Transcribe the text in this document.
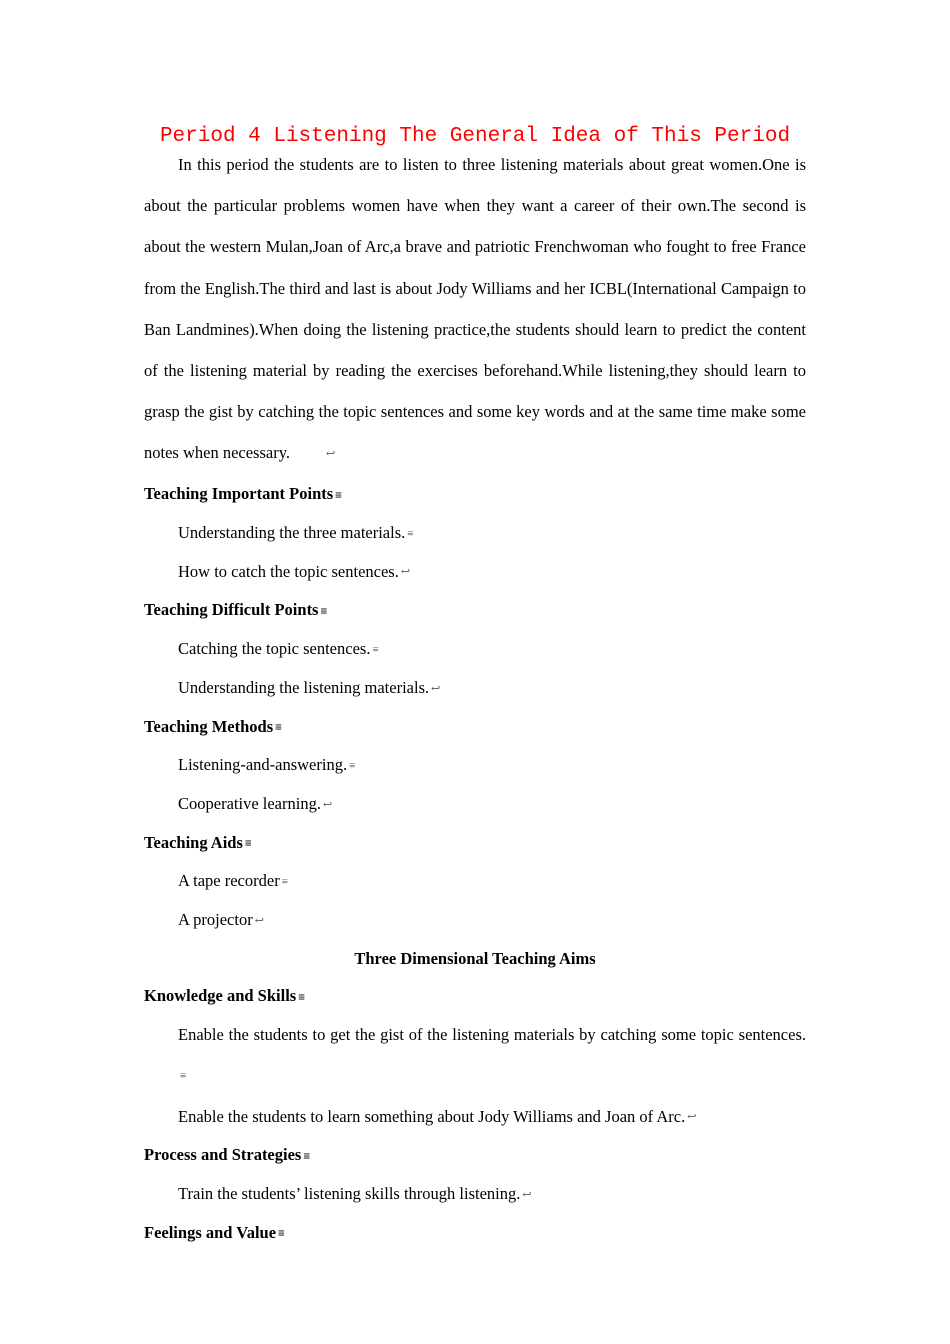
Period 4 Listening The General Idea of This Period

In this period the students are to listen to three listening materials about great women.One is about the particular problems women have when they want a career of their own.The second is about the western Mulan,Joan of Arc,a brave and patriotic Frenchwoman who fought to free France from the English.The third and last is about Jody Williams and her ICBL(International Campaign to Ban Landmines).When doing the listening practice,the students should learn to predict the content of the listening material by reading the exercises beforehand.While listening,they should learn to grasp the gist by catching the topic sentences and some key words and at the same time make some notes when necessary.	↩

Teaching Important Points ≡

Understanding the three materials. ≡

How to catch the topic sentences. ↩

Teaching Difficult Points ≡

Catching the topic sentences. ≡

Understanding the listening materials. ↩

Teaching Methods ≡

Listening-and-answering. ≡

Cooperative learning. ↩

Teaching Aids ≡

A tape recorder ≡

A projector ↩

Three Dimensional Teaching Aims

Knowledge and Skills ≡

Enable the students to get the gist of the listening materials by catching some topic sentences.≡

Enable the students to learn something about Jody Williams and Joan of Arc. ↩

Process and Strategies ≡

Train the students’ listening skills through listening. ↩

Feelings and Value ≡
